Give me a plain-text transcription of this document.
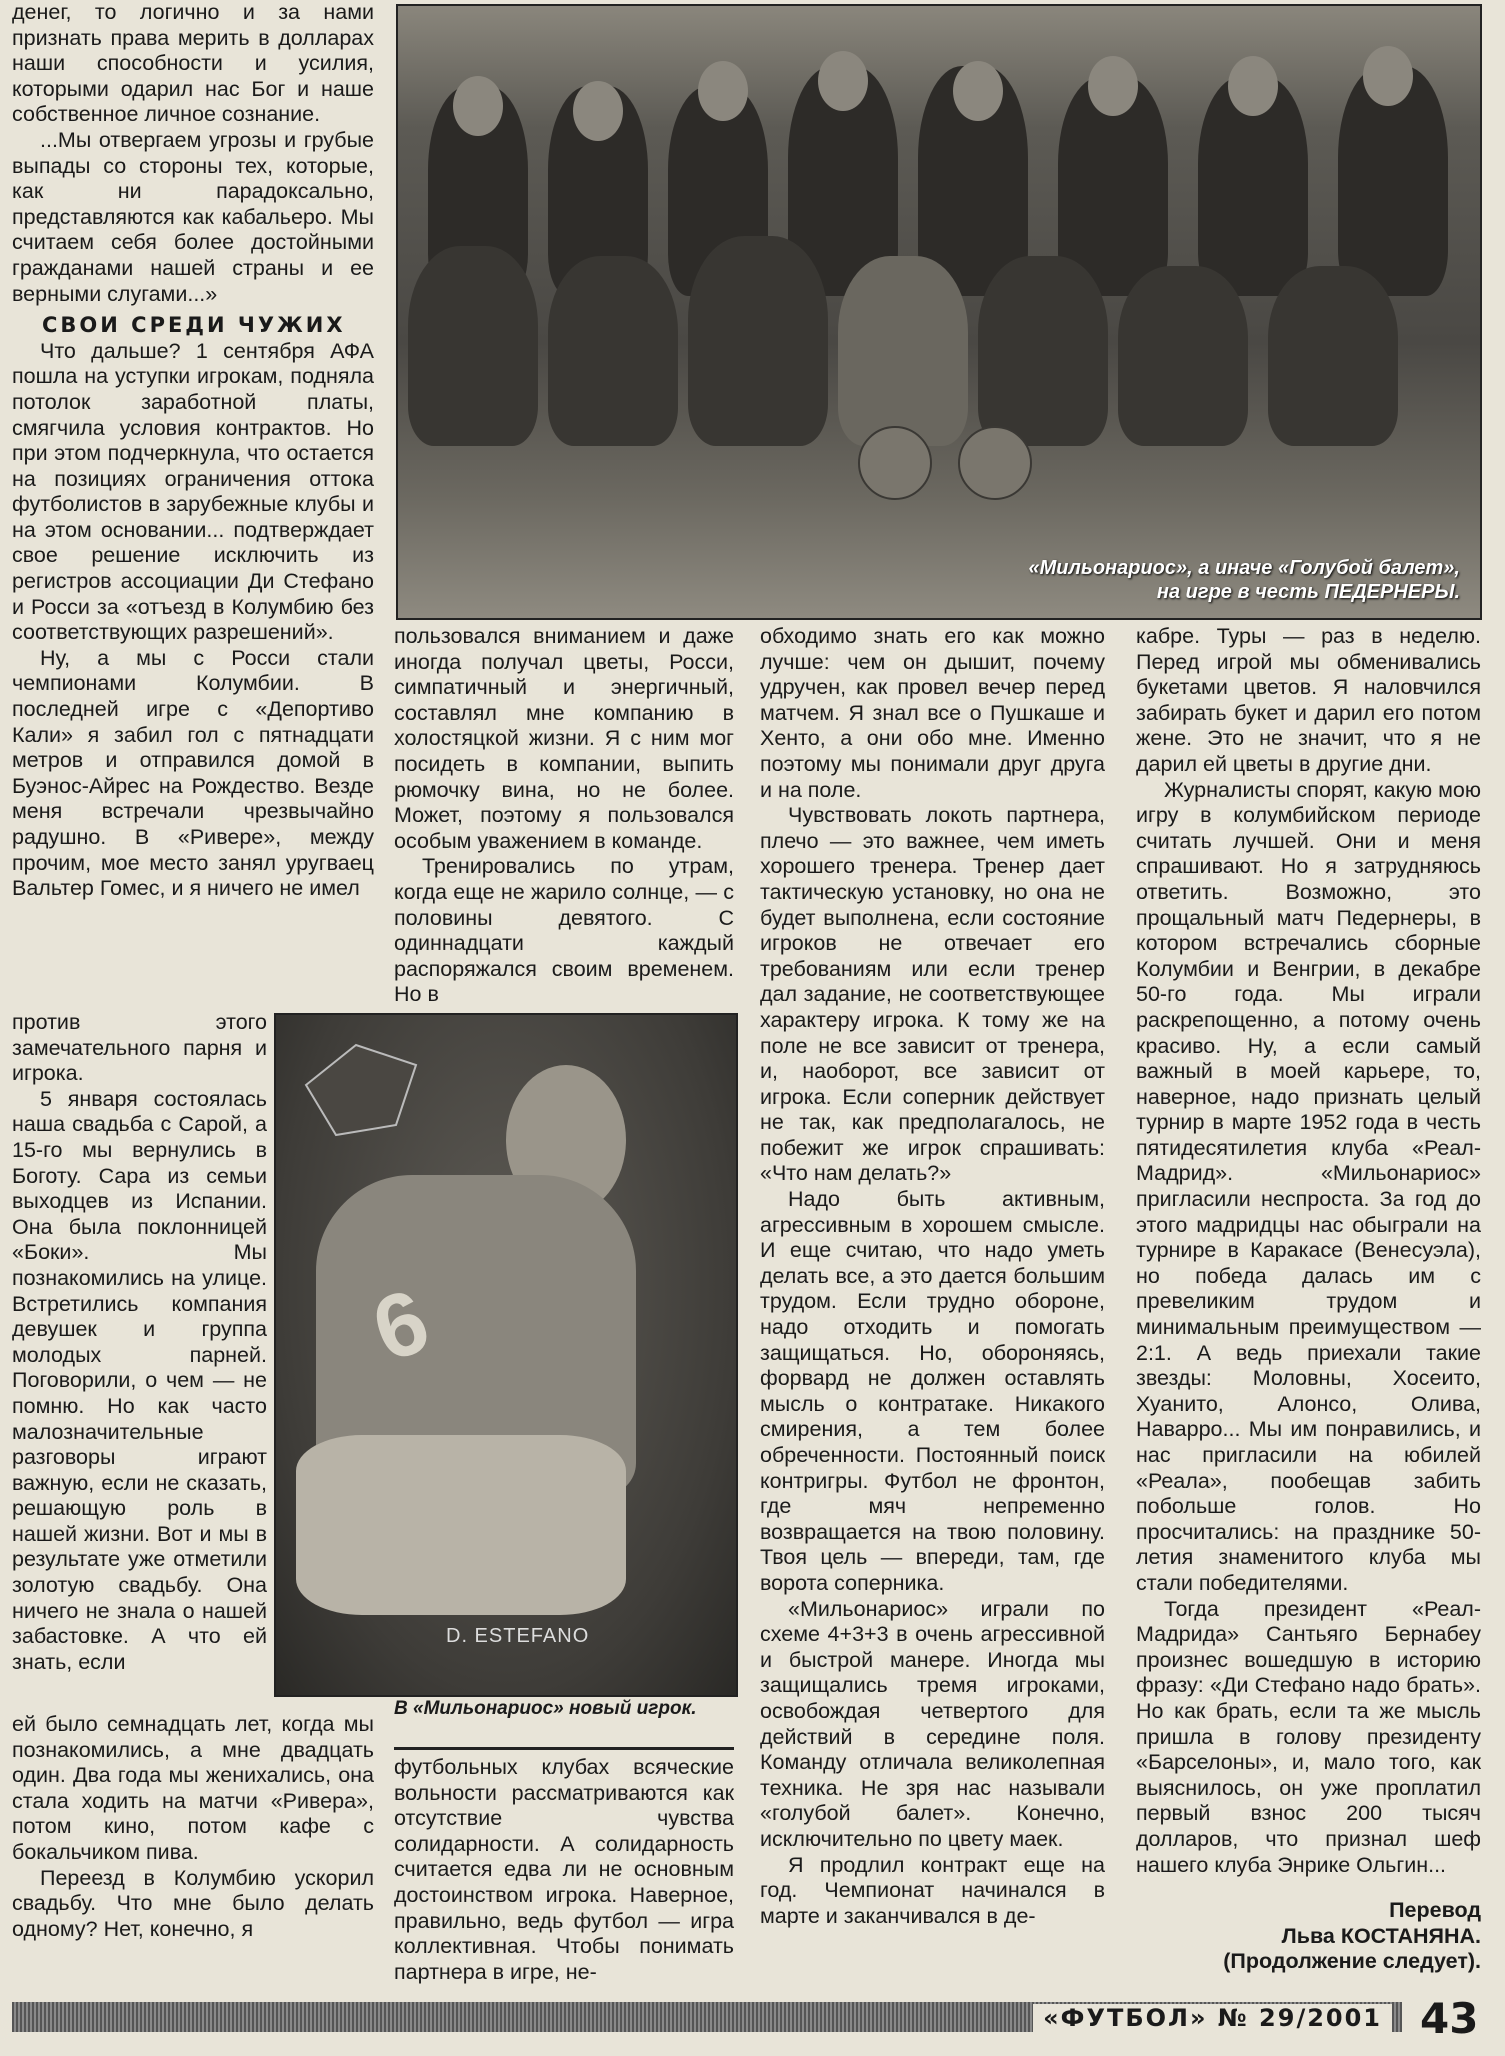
денег, то логично и за нами признать права мерить в долларах наши способности и усилия, которыми одарил нас Бог и наше собственное личное сознание.

...Мы отвергаем угрозы и грубые выпады со стороны тех, которые, как ни парадоксально, представляются как кабальеро. Мы считаем себя более достойными гражданами нашей страны и ее верными слугами...»

СВОИ СРЕДИ ЧУЖИХ

Что дальше? 1 сентября АФА пошла на уступки игрокам, подняла потолок заработной платы, смягчила условия контрактов. Но при этом подчеркнула, что остается на позициях ограничения оттока футболистов в зарубежные клубы и на этом основании... подтверждает свое решение исключить из регистров ассоциации Ди Стефано и Росси за «отъезд в Колумбию без соответствующих разрешений».

Ну, а мы с Росси стали чемпионами Колумбии. В последней игре с «Депортиво Кали» я забил гол с пятнадцати метров и отправился домой в Буэнос-Айрес на Рождество. Везде меня встречали чрезвычайно радушно. В «Ривере», между прочим, мое место занял уругваец Вальтер Гомес, и я ничего не имел

против этого замечательного парня и игрока.

5 января состоялась наша свадьба с Сарой, а 15-го мы вернулись в Боготу. Сара из семьи выходцев из Испании. Она была поклонницей «Боки». Мы познакомились на улице. Встретились компания девушек и группа молодых парней. Поговорили, о чем — не помню. Но как часто малозначительные разговоры играют важную, если не сказать, решающую роль в нашей жизни. Вот и мы в результате уже отметили золотую свадьбу. Она ничего не знала о нашей забастовке. А что ей знать, если

ей было семнадцать лет, когда мы познакомились, а мне двадцать один. Два года мы женихались, она стала ходить на матчи «Ривера», потом кино, потом кафе с бокальчиком пива.

Переезд в Колумбию ускорил свадьбу. Что мне было делать одному? Нет, конечно, я

«Мильонариос», а иначе «Голубой балет»,
на игре в честь ПЕДЕРНЕРЫ.

пользовался вниманием и даже иногда получал цветы, Росси, симпатичный и энергичный, составлял мне компанию в холостяцкой жизни. Я с ним мог посидеть в компании, выпить рюмочку вина, но не более. Может, поэтому я пользовался особым уважением в команде.

Тренировались по утрам, когда еще не жарило солнце, — с половины девятого. С одиннадцати каждый распоряжался своим временем. Но в

6
D. ESTEFANO
В «Мильонариос» новый игрок.

футбольных клубах всяческие вольности рассматриваются как отсутствие чувства солидарности. А солидарность считается едва ли не основным достоинством игрока. Наверное, правильно, ведь футбол — игра коллективная. Чтобы понимать партнера в игре, не-

обходимо знать его как можно лучше: чем он дышит, почему удручен, как провел вечер перед матчем. Я знал все о Пушкаше и Хенто, а они обо мне. Именно поэтому мы понимали друг друга и на поле.

Чувствовать локоть партнера, плечо — это важнее, чем иметь хорошего тренера. Тренер дает тактическую установку, но она не будет выполнена, если состояние игроков не отвечает его требованиям или если тренер дал задание, не соответствующее характеру игрока. К тому же на поле не все зависит от тренера, и, наоборот, все зависит от игрока. Если соперник действует не так, как предполагалось, не побежит же игрок спрашивать: «Что нам делать?»

Надо быть активным, агрессивным в хорошем смысле. И еще считаю, что надо уметь делать все, а это дается большим трудом. Если трудно обороне, надо отходить и помогать защищаться. Но, обороняясь, форвард не должен оставлять мысль о контратаке. Никакого смирения, а тем более обреченности. Постоянный поиск контригры. Футбол не фронтон, где мяч непременно возвращается на твою половину. Твоя цель — впереди, там, где ворота соперника.

«Мильонариос» играли по схеме 4+3+3 в очень агрессивной и быстрой манере. Иногда мы защищались тремя игроками, освобождая четвертого для действий в середине поля. Команду отличала великолепная техника. Не зря нас называли «голубой балет». Конечно, исключительно по цвету маек.

Я продлил контракт еще на год. Чемпионат начинался в марте и заканчивался в де-

кабре. Туры — раз в неделю. Перед игрой мы обменивались букетами цветов. Я наловчился забирать букет и дарил его потом жене. Это не значит, что я не дарил ей цветы в другие дни.

Журналисты спорят, какую мою игру в колумбийском периоде считать лучшей. Они и меня спрашивают. Но я затрудняюсь ответить. Возможно, это прощальный матч Педернеры, в котором встречались сборные Колумбии и Венгрии, в декабре 50-го года. Мы играли раскрепощенно, а потому очень красиво. Ну, а если самый важный в моей карьере, то, наверное, надо признать целый турнир в марте 1952 года в честь пятидесятилетия клуба «Реал-Мадрид». «Мильонариос» пригласили неспроста. За год до этого мадридцы нас обыграли на турнире в Каракасе (Венесуэла), но победа далась им с превеликим трудом и минимальным преимуществом — 2:1. А ведь приехали такие звезды: Моловны, Хосеито, Хуанито, Алонсо, Олива, Наварро... Мы им понравились, и нас пригласили на юбилей «Реала», пообещав забить побольше голов. Но просчитались: на празднике 50-летия знаменитого клуба мы стали победителями.

Тогда президент «Реал-Мадрида» Сантьяго Бернабеу произнес вошедшую в историю фразу: «Ди Стефано надо брать». Но как брать, если та же мысль пришла в голову президенту «Барселоны», и, мало того, как выяснилось, он уже проплатил первый взнос 200 тысяч долларов, что признал шеф нашего клуба Энрике Ольгин...

Перевод
Льва КОСТАНЯНА.
(Продолжение следует).
«ФУТБОЛ» № 29/2001 43
